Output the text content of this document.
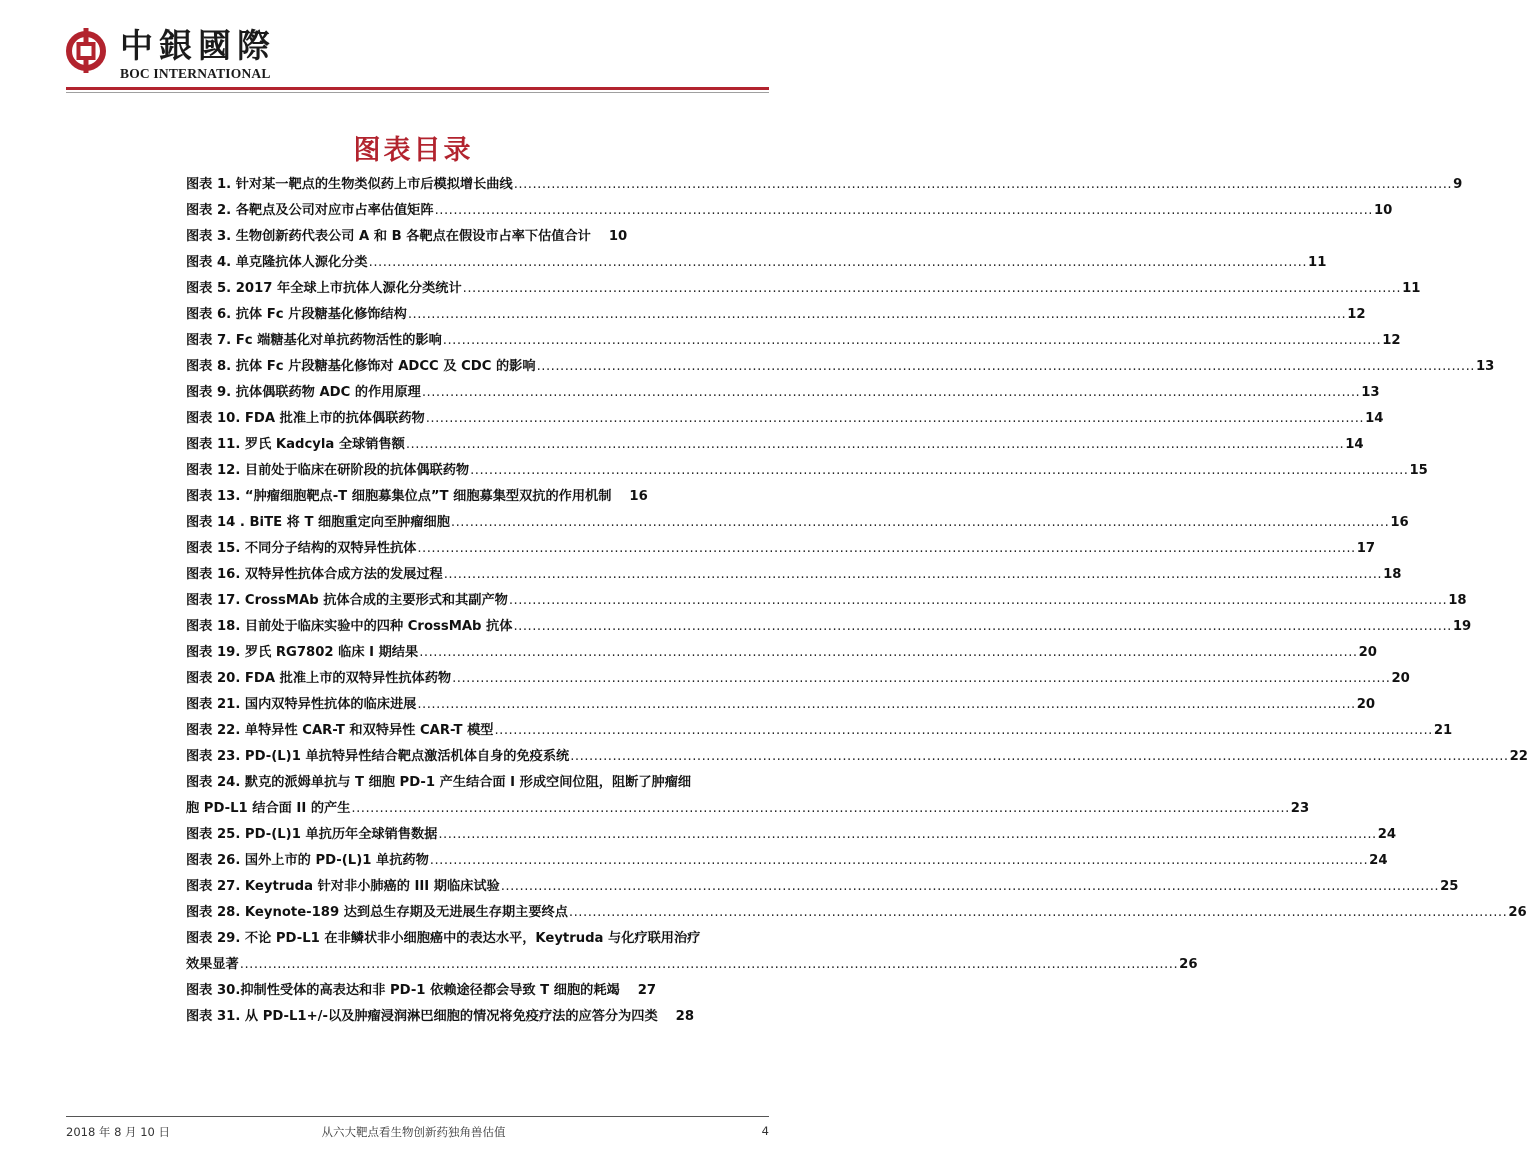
中銀國際
BOC INTERNATIONAL
图表目录
图表 1. 针对某一靶点的生物类似药上市后模拟增长曲线 ........................................................................................................................................................................................................ 9
图表 2. 各靶点及公司对应市占率估值矩阵 ........................................................................................................................................................................................................ 10
图表 3. 生物创新药代表公司 A 和 B 各靶点在假设市占率下估值合计 10
图表 4. 单克隆抗体人源化分类 ........................................................................................................................................................................................................ 11
图表 5. 2017 年全球上市抗体人源化分类统计 ........................................................................................................................................................................................................ 11
图表 6. 抗体 Fc 片段糖基化修饰结构 ........................................................................................................................................................................................................ 12
图表 7. Fc 端糖基化对单抗药物活性的影响 ........................................................................................................................................................................................................ 12
图表 8. 抗体 Fc 片段糖基化修饰对 ADCC 及 CDC 的影响 ........................................................................................................................................................................................................ 13
图表 9. 抗体偶联药物 ADC 的作用原理 ........................................................................................................................................................................................................ 13
图表 10. FDA 批准上市的抗体偶联药物 ........................................................................................................................................................................................................ 14
图表 11. 罗氏 Kadcyla 全球销售额 ........................................................................................................................................................................................................ 14
图表 12. 目前处于临床在研阶段的抗体偶联药物 ........................................................................................................................................................................................................ 15
图表 13. “肿瘤细胞靶点-T 细胞募集位点”T 细胞募集型双抗的作用机制 16
图表 14 . BiTE 将 T 细胞重定向至肿瘤细胞 ........................................................................................................................................................................................................ 16
图表 15. 不同分子结构的双特异性抗体 ........................................................................................................................................................................................................ 17
图表 16. 双特异性抗体合成方法的发展过程 ........................................................................................................................................................................................................ 18
图表 17. CrossMAb 抗体合成的主要形式和其副产物 ........................................................................................................................................................................................................ 18
图表 18. 目前处于临床实验中的四种 CrossMAb 抗体 ........................................................................................................................................................................................................ 19
图表 19. 罗氏 RG7802 临床 I 期结果 ........................................................................................................................................................................................................ 20
图表 20. FDA 批准上市的双特异性抗体药物 ........................................................................................................................................................................................................ 20
图表 21. 国内双特异性抗体的临床进展 ........................................................................................................................................................................................................ 20
图表 22. 单特异性 CAR-T 和双特异性 CAR-T 模型 ........................................................................................................................................................................................................ 21
图表 23. PD-(L)1 单抗特异性结合靶点激活机体自身的免疫系统 ........................................................................................................................................................................................................ 22
图表 24. 默克的派姆单抗与 T 细胞 PD-1 产生结合面 I 形成空间位阻，阻断了肿瘤细
胞 PD-L1 结合面 II 的产生 ........................................................................................................................................................................................................ 23
图表 25. PD-(L)1 单抗历年全球销售数据 ........................................................................................................................................................................................................ 24
图表 26. 国外上市的 PD-(L)1 单抗药物 ........................................................................................................................................................................................................ 24
图表 27. Keytruda 针对非小肺癌的 III 期临床试验 ........................................................................................................................................................................................................ 25
图表 28. Keynote-189 达到总生存期及无进展生存期主要终点 ........................................................................................................................................................................................................ 26
图表 29. 不论 PD-L1 在非鳞状非小细胞癌中的表达水平，Keytruda 与化疗联用治疗
效果显著 ........................................................................................................................................................................................................ 26
图表 30.抑制性受体的高表达和非 PD-1 依赖途径都会导致 T 细胞的耗竭 27
图表 31. 从 PD-L1+/-以及肿瘤浸润淋巴细胞的情况将免疫疗法的应答分为四类 28
2018 年 8 月 10 日	从六大靶点看生物创新药独角兽估值	4
